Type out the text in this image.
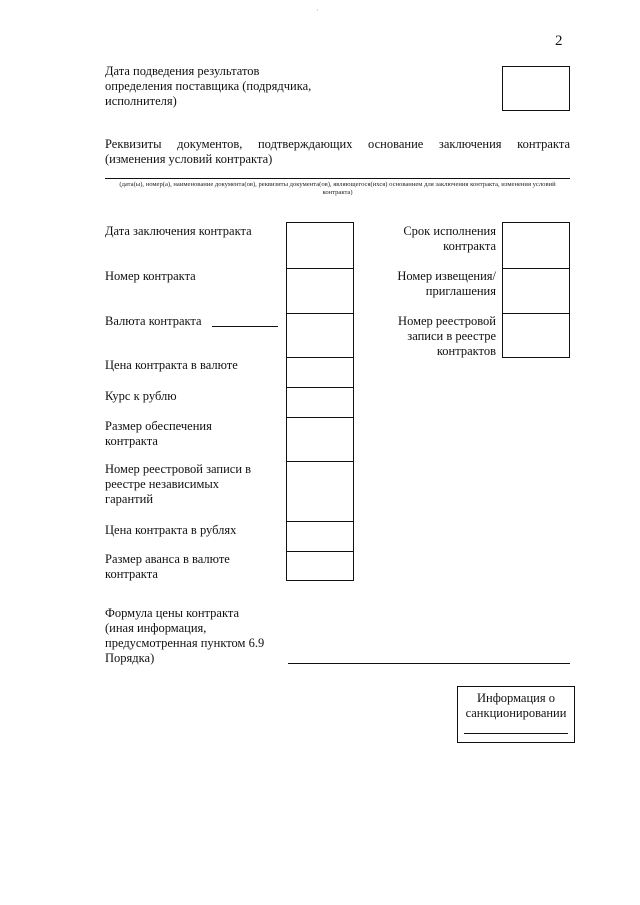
·
2
Дата подведения результатов определения поставщика (подрядчика, исполнителя)
Реквизиты документов, подтверждающих основание заключения контракта
(изменения условий контракта)
(дата(ы), номер(а), наименование документа(ов), реквизиты документа(ов), являющегося(ихся) основанием для заключения контракта, изменения условий контракта)
Дата заключения контракта
Номер контракта
Валюта контракта
Цена контракта в валюте
Курс к рублю
Размер обеспечения контракта
Номер реестровой записи в реестре независимых гарантий
Цена контракта в рублях
Размер аванса в валюте контракта
Формула цены контракта (иная информация, предусмотренная пунктом 6.9 Порядка)
Срок исполнения контракта
Номер извещения/приглашения
Номер реестровой записи в реестре контрактов
Информация о санкционировании
